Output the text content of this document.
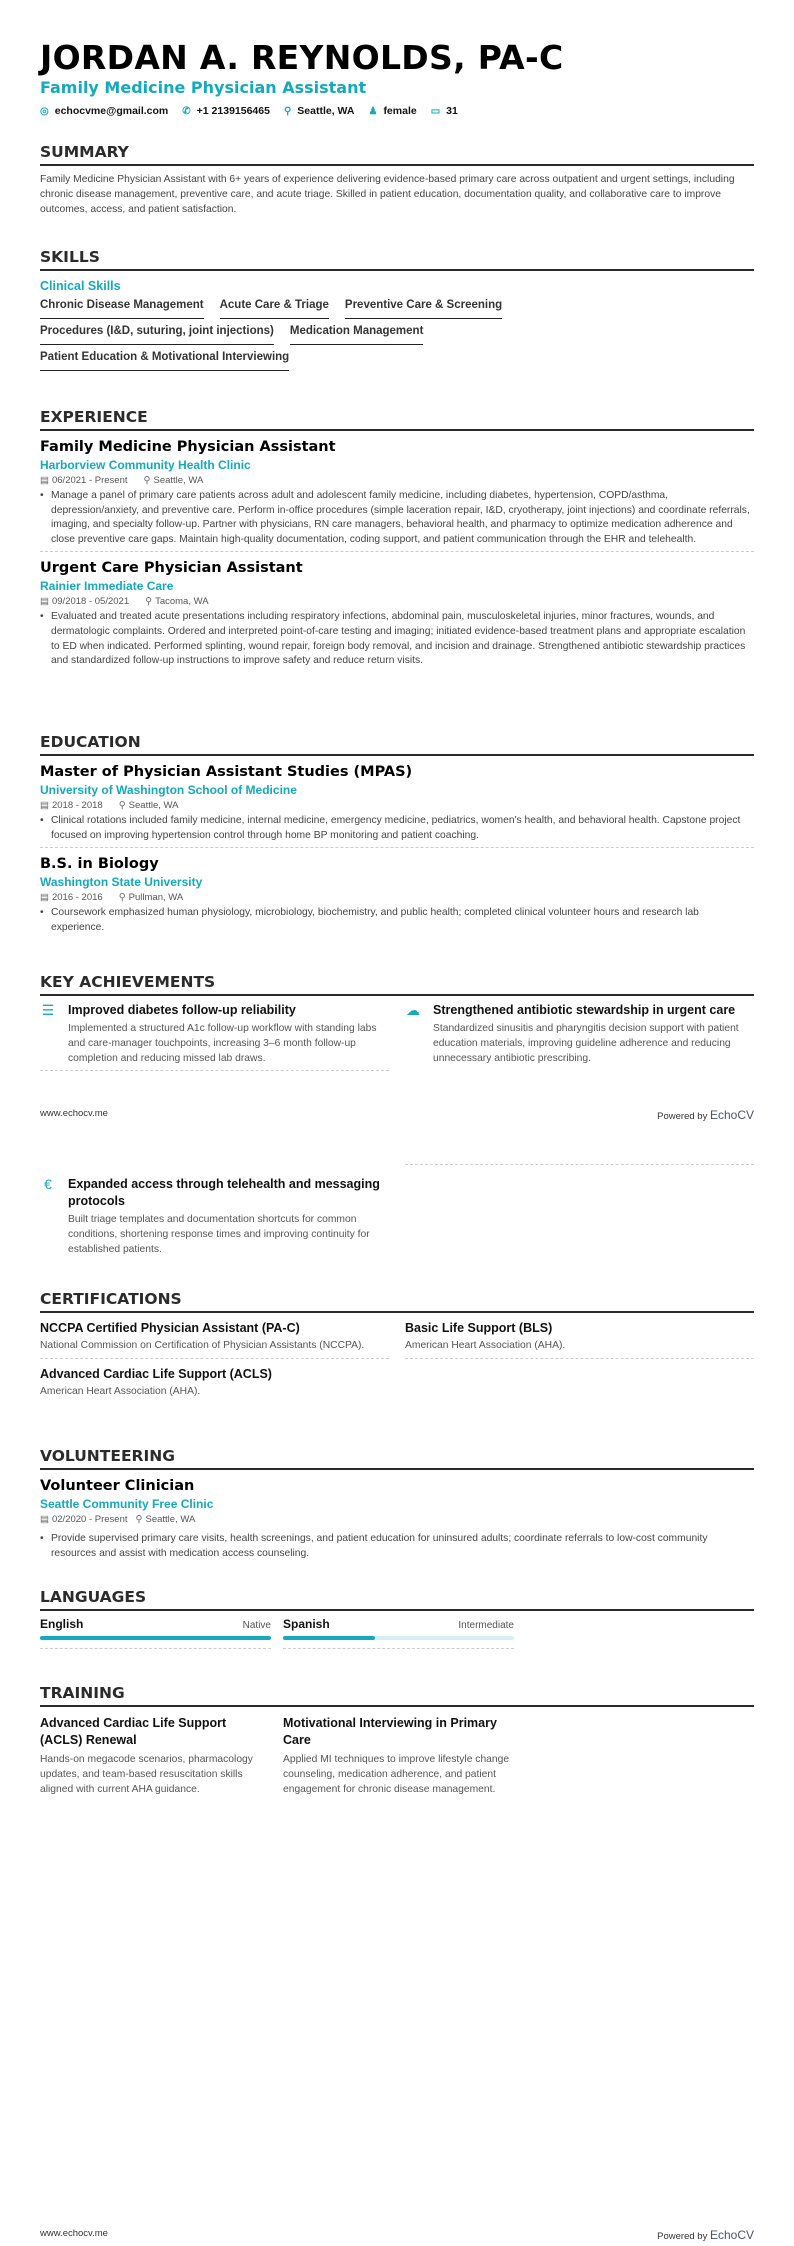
JORDAN A. REYNOLDS, PA-C
Family Medicine Physician Assistant
◎ echocvme@gmail.com ✆ +1 2139156465 ⚲ Seattle, WA ♟ female ▭ 31
SUMMARY
Family Medicine Physician Assistant with 6+ years of experience delivering evidence-based primary care across outpatient and urgent settings, including chronic disease management, preventive care, and acute triage. Skilled in patient education, documentation quality, and collaborative care to improve outcomes, access, and patient satisfaction.
SKILLS
Clinical Skills
Chronic Disease Management Acute Care & Triage Preventive Care & Screening
Procedures (I&D, suturing, joint injections) Medication Management
Patient Education & Motivational Interviewing
EXPERIENCE
Family Medicine Physician Assistant
Harborview Community Health Clinic
▤ 06/2021 - Present ⚲ Seattle, WA
• Manage a panel of primary care patients across adult and adolescent family medicine, including diabetes, hypertension, COPD/asthma, depression/anxiety, and preventive care. Perform in-office procedures (simple laceration repair, I&D, cryotherapy, joint injections) and coordinate referrals, imaging, and specialty follow-up. Partner with physicians, RN care managers, behavioral health, and pharmacy to optimize medication adherence and close preventive care gaps. Maintain high-quality documentation, coding support, and patient communication through the EHR and telehealth.
Urgent Care Physician Assistant
Rainier Immediate Care
▤ 09/2018 - 05/2021 ⚲ Tacoma, WA
• Evaluated and treated acute presentations including respiratory infections, abdominal pain, musculoskeletal injuries, minor fractures, wounds, and dermatologic complaints. Ordered and interpreted point-of-care testing and imaging; initiated evidence-based treatment plans and appropriate escalation to ED when indicated. Performed splinting, wound repair, foreign body removal, and incision and drainage. Strengthened antibiotic stewardship practices and standardized follow-up instructions to improve safety and reduce return visits.
EDUCATION
Master of Physician Assistant Studies (MPAS)
University of Washington School of Medicine
▤ 2018 - 2018 ⚲ Seattle, WA
• Clinical rotations included family medicine, internal medicine, emergency medicine, pediatrics, women's health, and behavioral health. Capstone project focused on improving hypertension control through home BP monitoring and patient coaching.
B.S. in Biology
Washington State University
▤ 2016 - 2016 ⚲ Pullman, WA
• Coursework emphasized human physiology, microbiology, biochemistry, and public health; completed clinical volunteer hours and research lab experience.
KEY ACHIEVEMENTS
☰ Improved diabetes follow-up reliability
Implemented a structured A1c follow-up workflow with standing labs and care-manager touchpoints, increasing 3–6 month follow-up completion and reducing missed lab draws.
☁ Strengthened antibiotic stewardship in urgent care
Standardized sinusitis and pharyngitis decision support with patient education materials, improving guideline adherence and reducing unnecessary antibiotic prescribing.
www.echocv.me	Powered by EchoCV
€	Expanded access through telehealth and messaging protocols
Built triage templates and documentation shortcuts for common conditions, shortening response times and improving continuity for established patients.
CERTIFICATIONS
NCCPA Certified Physician Assistant (PA-C)
National Commission on Certification of Physician Assistants (NCCPA).
Basic Life Support (BLS)
American Heart Association (AHA).
Advanced Cardiac Life Support (ACLS)
American Heart Association (AHA).
VOLUNTEERING
Volunteer Clinician
Seattle Community Free Clinic
▤ 02/2020 - Present ⚲ Seattle, WA
• Provide supervised primary care visits, health screenings, and patient education for uninsured adults; coordinate referrals to low-cost community resources and assist with medication access counseling.
LANGUAGES
English	Native Spanish	Intermediate
TRAINING
Advanced Cardiac Life Support (ACLS) Renewal
Hands-on megacode scenarios, pharmacology updates, and team-based resuscitation skills aligned with current AHA guidance.
Motivational Interviewing in Primary Care
Applied MI techniques to improve lifestyle change counseling, medication adherence, and patient engagement for chronic disease management.
www.echocv.me	Powered by EchoCV
